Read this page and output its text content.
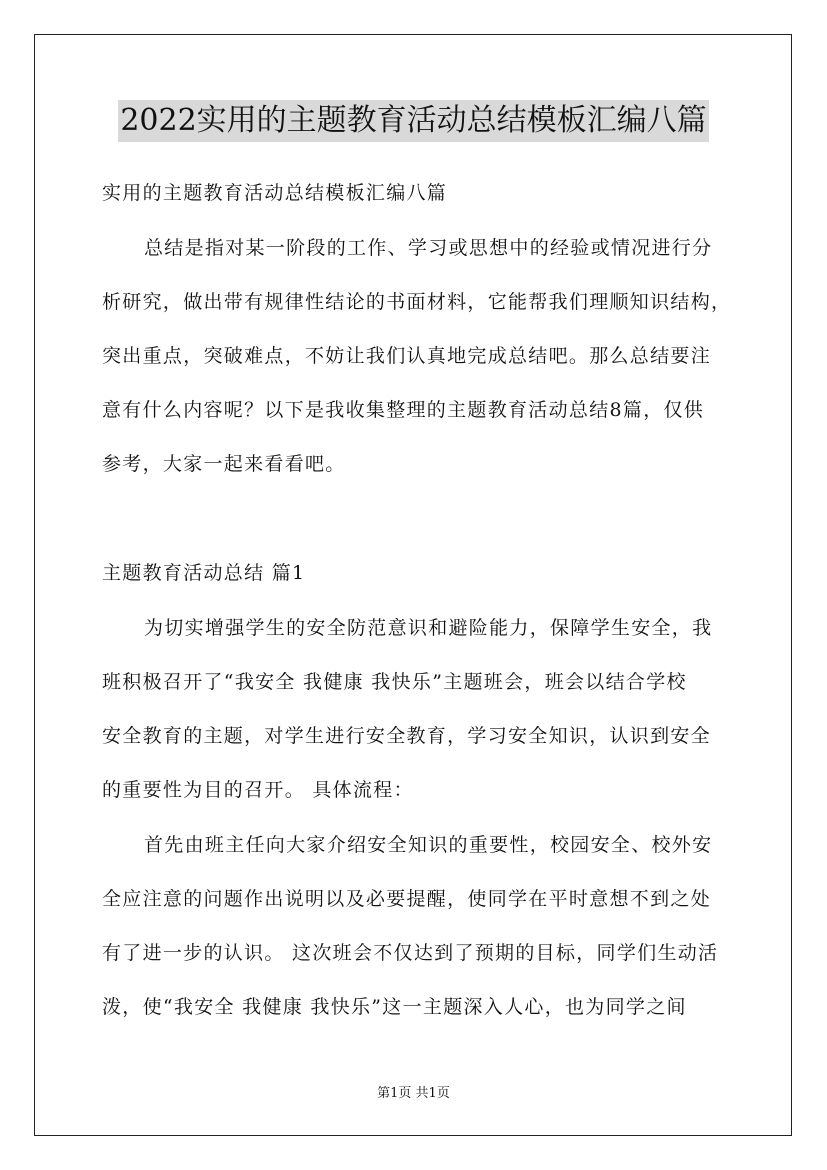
2022实用的主题教育活动总结模板汇编八篇
实用的主题教育活动总结模板汇编八篇
总结是指对某一阶段的工作、学习或思想中的经验或情况进行分
析研究，做出带有规律性结论的书面材料，它能帮我们理顺知识结构，
突出重点，突破难点，不妨让我们认真地完成总结吧。那么总结要注
意有什么内容呢？以下是我收集整理的主题教育活动总结8篇，仅供
参考，大家一起来看看吧。
主题教育活动总结 篇1
为切实增强学生的安全防范意识和避险能力，保障学生安全，我
班积极召开了“我安全 我健康 我快乐”主题班会，班会以结合学校
安全教育的主题，对学生进行安全教育，学习安全知识，认识到安全
的重要性为目的召开。 具体流程：
首先由班主任向大家介绍安全知识的重要性，校园安全、校外安
全应注意的问题作出说明以及必要提醒，使同学在平时意想不到之处
有了进一步的认识。 这次班会不仅达到了预期的目标，同学们生动活
泼，使“我安全 我健康 我快乐”这一主题深入人心，也为同学之间
第1页 共1页
